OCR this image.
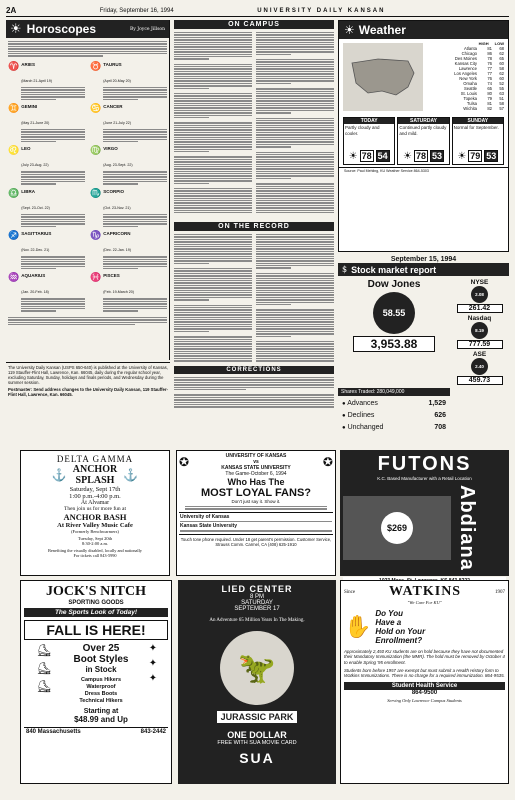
2A	Friday, September 16, 1994	UNIVERSITY DAILY KANSAN
☀ Horoscopes	By Joyce Jillson
♈ ARIES
(March 21-April 19)
♉ TAURUS
(April 20-May 20)
♊ GEMINI
(May 21-June 20)
♋ CANCER
(June 21-July 22)
♌ LEO
(July 23-Aug. 22)
♍ VIRGO
(Aug. 23-Sept. 22)
♎ LIBRA
(Sept. 23-Oct. 22)
♏ SCORPIO
(Oct. 23-Nov. 21)
♐ SAGITTARIUS
(Nov. 22-Dec. 21)
♑ CAPRICORN
(Dec. 22-Jan. 19)
♒ AQUARIUS
(Jan. 20-Feb. 18)
♓ PISCES
(Feb. 19-March 20)
The University Daily Kansan (USPS 650-640) is published at the University of Kansas, 119 Stauffer-Flint Hall, Lawrence, Kan. 66045, daily during the regular school year, excluding Saturday, Sunday, holidays and finals periods, and Wednesday during the summer session.
Postmaster: Send address changes to the University Daily Kansan, 119 Stauffer-Flint Hall, Lawrence, Kan. 66045.
ON CAMPUS
ON THE RECORD
CORRECTIONS
☀ Weather
HIGH LOW
Atlanta	81	68
Chicago	86	62
Des Moines	78	65
Kansas City	76	60
Lawrence	77	58
Los Angeles	77	62
New York	76	60
Omaha	74	52
Seattle	65	55
St. Louis	80	63
Topeka	79	51
Tulsa	81	58
Wichita	82	57
TODAY
Partly cloudy and cooler.
☀ 78 54
SATURDAY
Continued partly cloudy and mild.
☀ 78 53
SUNDAY
Normal for September.
☀ 79 53
Source: Paul Mehling, KU Weather Service 864-5303
September 15, 1994
$ Stock market report
Dow Jones
58.55
3,953.88
NYSE
2.08
261.42
Nasdaq
8.19
777.59
ASE
2.40
459.73
Shares Traded: 280,049,000
● Advances	1,529
● Declines	626
● Unchanged	708
DELTA GAMMA
⚓ ANCHOR
SPLASH ⚓
Saturday, Sept 17th
1:00 p.m.-4:00 p.m.
At Alvamar
Then join us for more fun at
ANCHOR BASH
At River Valley Music Cafe
(Formerly Benchwarmers)
Tuesday, Sept 20th
8:30-2:00 a.m.
Benefiting the visually disabled, locally and nationally
For tickets call 843-5990
✪	UNIVERSITY OF KANSAS
vs
KANSAS STATE UNIVERSITY	✪
The Game-October 6, 1994
Who Has The
MOST LOYAL FANS?
Don't just say it. Show it.
University of Kansas
Kansas State University
Touch tone phone required. Under 18 get parent's permission. Customer Service, Strauss Comm. Carmel, CA (408) 625-1910
FUTONS
K.C. Based Manufacturer with a Retail Location
$269 Abdiana
JOCK'S NITCH
SPORTING GOODS
The Sports Look of Today!
FALL IS HERE!
⛸
⛸
⛸
Over 25
Boot Styles
in Stock
Campus Hikers
Waterproof
Dress Boots
Technical Hikers
Starting at
$48.99 and Up
✦
✦
✦
840 Massachusetts	843-2442
LIED CENTER
8 PM
SATURDAY
SEPTEMBER 17
An Adventure 65 Million Years In The Making.
🦖
JURASSIC PARK
ONE DOLLAR
FREE WITH SUA MOVIE CARD
SUA
Since WATKINS	1907
"We Care For KU"
✋
Do You
Have a
Hold on Your
Enrollment?
Approximately 2,450 KU students are on hold because they have not documented their Mandatory Immunization (the MMR). The hold must be removed by October 4 to enable Spring '95 enrollment.
Students born before 1957 are exempt but must submit a Health History form to Watkins Immunizations. There is no charge for a required immunization. 864-9535.
Student Health Service
864-9500
Serving Only Lawrence Campus Students
